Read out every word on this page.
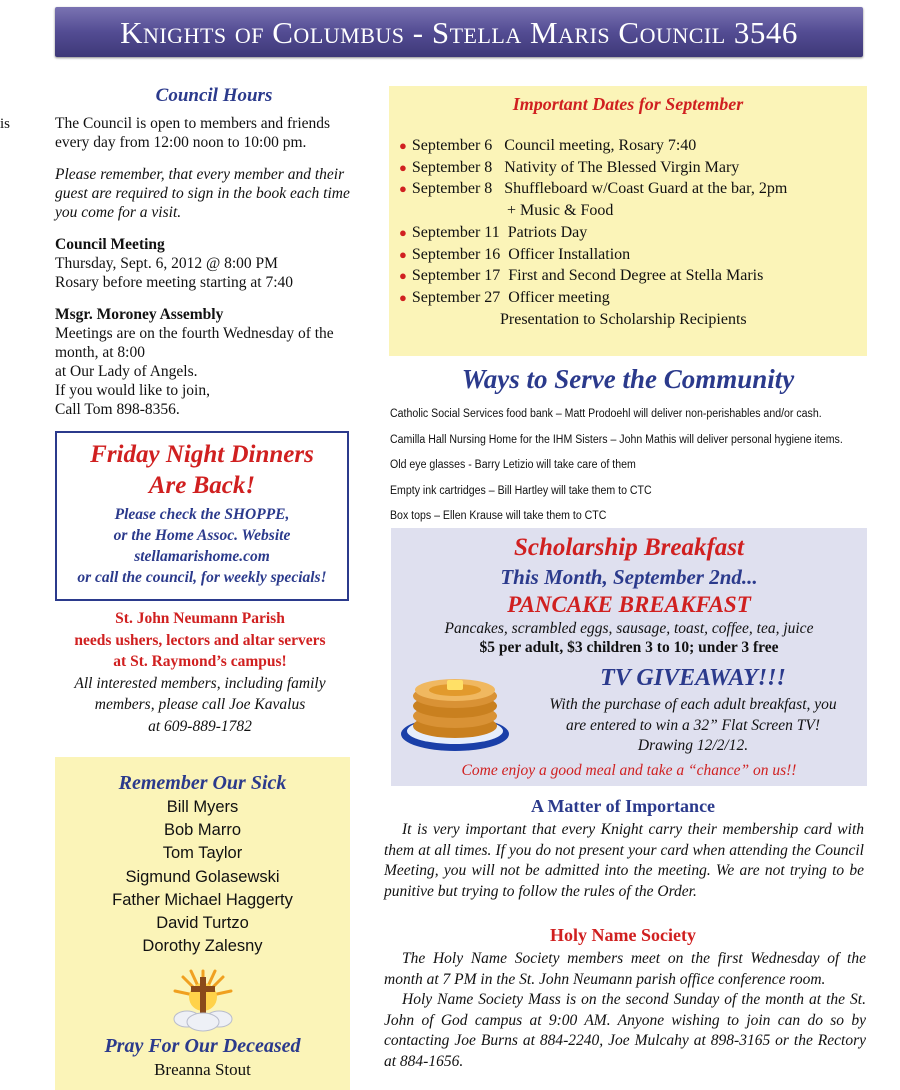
Knights of Columbus - Stella Maris Council 3546
is
Council Hours

The Council is open to members and friends
every day from 12:00 noon to 10:00 pm.

Please remember, that every member and their
guest are required to sign in the book each time
you come for a visit.

Council Meeting
Thursday, Sept. 6, 2012 @ 8:00 PM
Rosary before meeting starting at 7:40

Msgr. Moroney Assembly
Meetings are on the fourth Wednesday of the
month, at 8:00
at Our Lady of Angels.
If you would like to join,
Call Tom 898-8356.

Friday Night Dinners
Are Back!
Please check the SHOPPE,
or the Home Assoc. Website
stellamarishome.com
or call the council, for weekly specials!
St. John Neumann Parish
needs ushers, lectors and altar servers
at St. Raymond’s campus!
All interested members, including family
members, please call Joe Kavalus
at 609-889-1782
Remember Our Sick
Bill Myers
Bob Marro
Tom Taylor
Sigmund Golasewski
Father Michael Haggerty
David Turtzo
Dorothy Zalesny
Pray For Our Deceased
Breanna Stout
Important Dates for September
● September 6   Council meeting, Rosary 7:40
● September 8   Nativity of The Blessed Virgin Mary
● September 8   Shuffleboard w/Coast Guard at the bar, 2pm
+ Music & Food
● September 11  Patriots Day
● September 16  Officer Installation
● September 17  First and Second Degree at Stella Maris
● September 27  Officer meeting
Presentation to Scholarship Recipients
Ways to Serve the Community
Catholic Social Services food bank – Matt Prodoehl will deliver non-perishables and/or cash.
Camilla Hall Nursing Home for the IHM Sisters – John Mathis will deliver personal hygiene items.
Old eye glasses - Barry Letizio will take care of them
Empty ink cartridges – Bill Hartley will take them to CTC
Box tops – Ellen Krause will take them to CTC
Scholarship Breakfast
This Month, September 2nd...
PANCAKE BREAKFAST
Pancakes, scrambled eggs, sausage, toast, coffee, tea, juice
$5 per adult, $3 children 3 to 10; under 3 free
TV GIVEAWAY!!!
With the purchase of each adult breakfast, you
are entered to win a 32” Flat Screen TV!
Drawing 12/2/12.
Come enjoy a good meal and take a “chance” on us!!
A Matter of Importance

It is very important that every Knight carry their membership card with them at all times. If you do not present your card when attending the Council Meeting, you will not be admitted into the meeting. We are not trying to be punitive but trying to follow the rules of the Order.

Holy Name Society

The Holy Name Society members meet on the first Wednesday of the month at 7 PM in the St. John Neumann parish office conference room.

Holy Name Society Mass is on the second Sunday of the month at the St. John of God campus at 9:00 AM. Anyone wishing to join can do so by contacting Joe Burns at 884-2240, Joe Mulcahy at 898-3165 or the Rectory at 884-1656.
